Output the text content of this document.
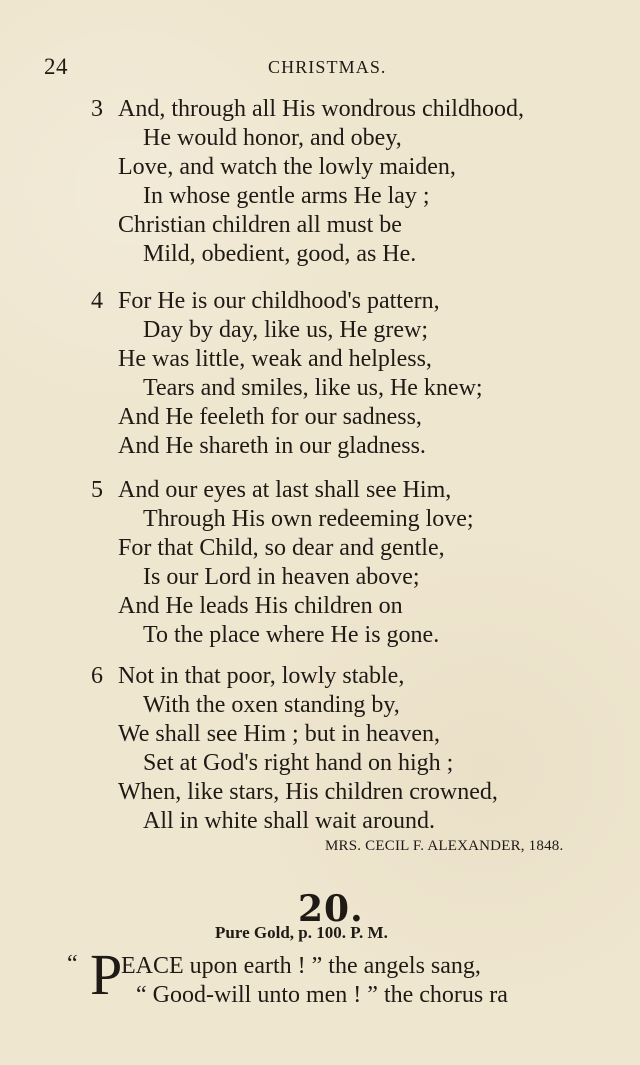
24	CHRISTMAS.
3 And, through all His wondrous childhood,
He would honor, and obey,
Love, and watch the lowly maiden,
In whose gentle arms He lay ;
Christian children all must be
Mild, obedient, good, as He.
4 For He is our childhood's pattern,
Day by day, like us, He grew;
He was little, weak and helpless,
Tears and smiles, like us, He knew;
And He feeleth for our sadness,
And He shareth in our gladness.
5 And our eyes at last shall see Him,
Through His own redeeming love;
For that Child, so dear and gentle,
Is our Lord in heaven above;
And He leads His children on
To the place where He is gone.
6 Not in that poor, lowly stable,
With the oxen standing by,
We shall see Him ; but in heaven,
Set at God's right hand on high ;
When, like stars, His children crowned,
All in white shall wait around.
MRS. CECIL F. ALEXANDER, 1848.
20.
Pure Gold, p. 100. P. M.
“ P
EACE upon earth ! ” the angels sang,
“ Good-will unto men ! ” the chorus ra
